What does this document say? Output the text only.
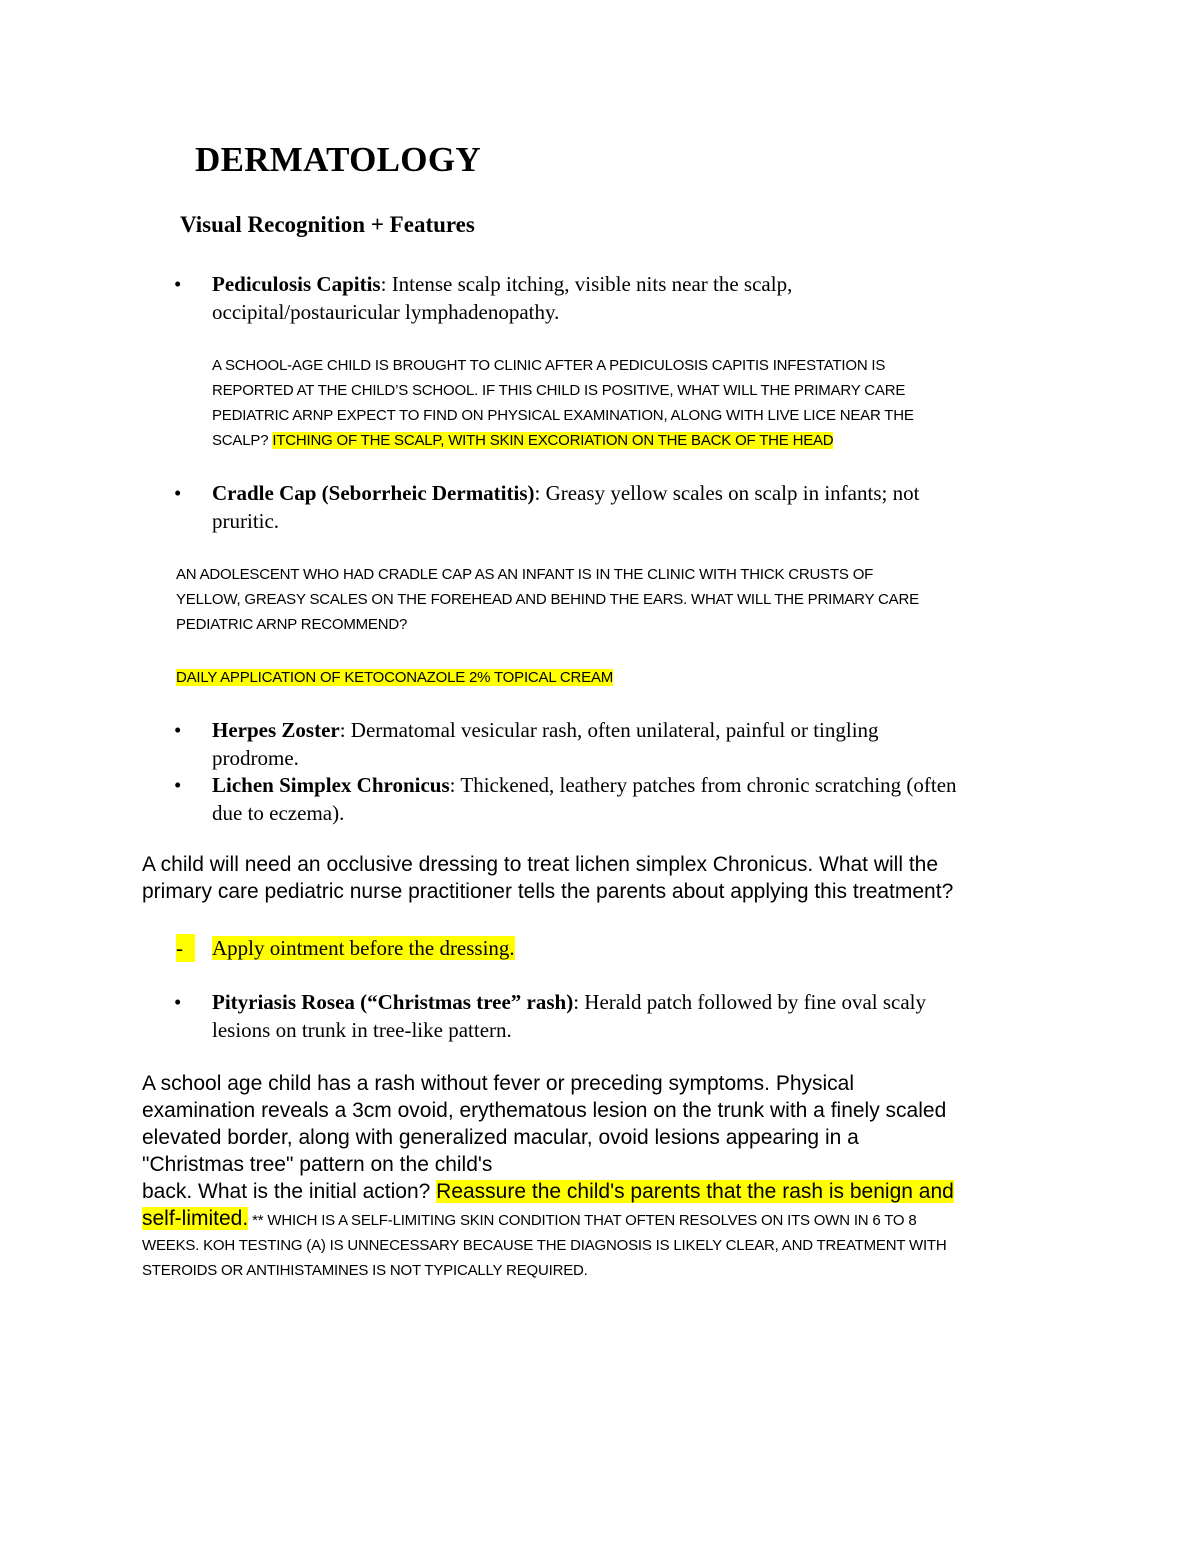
DERMATOLOGY
Visual Recognition + Features
•	Pediculosis Capitis: Intense scalp itching, visible nits near the scalp,
occipital/postauricular lymphadenopathy.
A SCHOOL-AGE CHILD IS BROUGHT TO CLINIC AFTER A PEDICULOSIS CAPITIS INFESTATION IS
REPORTED AT THE CHILD’S SCHOOL. IF THIS CHILD IS POSITIVE, WHAT WILL THE PRIMARY CARE
PEDIATRIC ARNP EXPECT TO FIND ON PHYSICAL EXAMINATION, ALONG WITH LIVE LICE NEAR THE
SCALP? ITCHING OF THE SCALP, WITH SKIN EXCORIATION ON THE BACK OF THE HEAD
•	Cradle Cap (Seborrheic Dermatitis): Greasy yellow scales on scalp in infants; not
pruritic.
AN ADOLESCENT WHO HAD CRADLE CAP AS AN INFANT IS IN THE CLINIC WITH THICK CRUSTS OF
YELLOW, GREASY SCALES ON THE FOREHEAD AND BEHIND THE EARS. WHAT WILL THE PRIMARY CARE
PEDIATRIC ARNP RECOMMEND?
DAILY APPLICATION OF KETOCONAZOLE 2% TOPICAL CREAM
•	Herpes Zoster: Dermatomal vesicular rash, often unilateral, painful or tingling
prodrome.
•	Lichen Simplex Chronicus: Thickened, leathery patches from chronic scratching (often
due to eczema).
A child will need an occlusive dressing to treat lichen simplex Chronicus. What will the
primary care pediatric nurse practitioner tells the parents about applying this treatment?
-	Apply ointment before the dressing.
•	Pityriasis Rosea (“Christmas tree” rash): Herald patch followed by fine oval scaly
lesions on trunk in tree-like pattern.
A school age child has a rash without fever or preceding symptoms. Physical
examination reveals a 3cm ovoid, erythematous lesion on the trunk with a finely scaled
elevated border, along with generalized macular, ovoid lesions appearing in a
"Christmas tree" pattern on the child's
back. What is the initial action? Reassure the child's parents that the rash is benign and
self-limited. ** WHICH IS A SELF-LIMITING SKIN CONDITION THAT OFTEN RESOLVES ON ITS OWN IN 6 TO 8
WEEKS. KOH TESTING (A) IS UNNECESSARY BECAUSE THE DIAGNOSIS IS LIKELY CLEAR, AND TREATMENT WITH
STEROIDS OR ANTIHISTAMINES IS NOT TYPICALLY REQUIRED.
